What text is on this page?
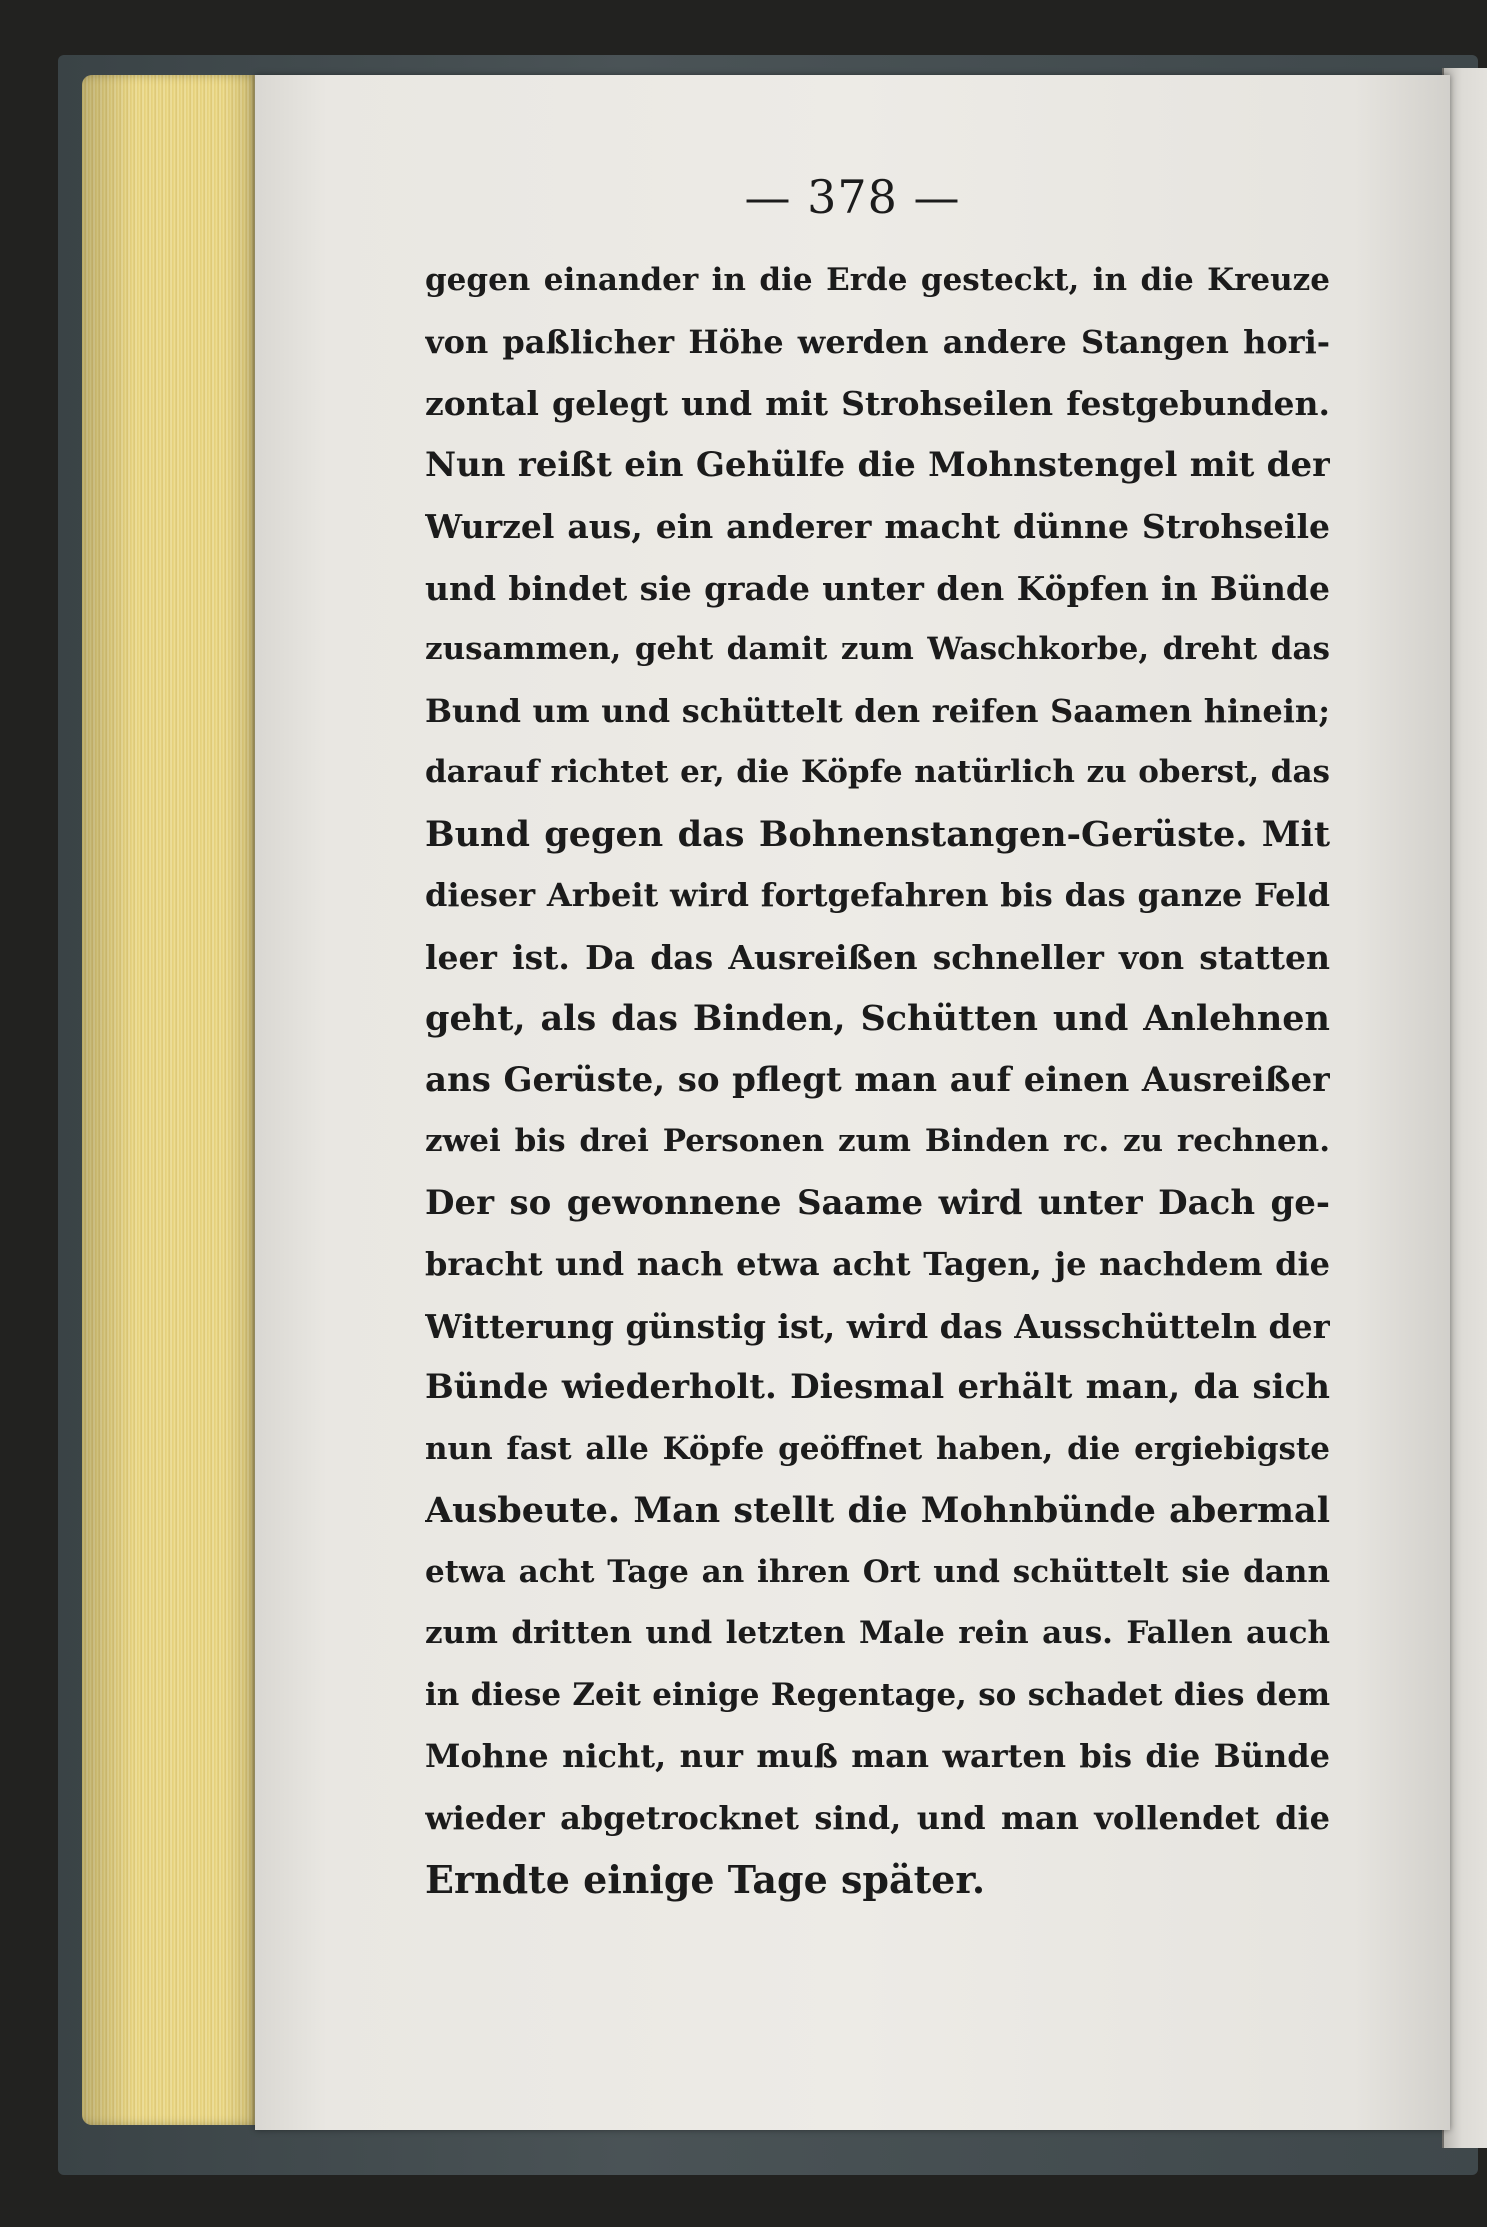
— 378 —
gegen einander in die Erde gesteckt, in die Kreuze
von paßlicher Höhe werden andere Stangen hori-
zontal gelegt und mit Strohseilen festgebunden.
Nun reißt ein Gehülfe die Mohnstengel mit der
Wurzel aus, ein anderer macht dünne Strohseile
und bindet sie grade unter den Köpfen in Bünde
zusammen, geht damit zum Waschkorbe, dreht das
Bund um und schüttelt den reifen Saamen hinein;
darauf richtet er, die Köpfe natürlich zu oberst, das
Bund gegen das Bohnenstangen-Gerüste. Mit
dieser Arbeit wird fortgefahren bis das ganze Feld
leer ist. Da das Ausreißen schneller von statten
geht, als das Binden, Schütten und Anlehnen
ans Gerüste, so pflegt man auf einen Ausreißer
zwei bis drei Personen zum Binden rc. zu rechnen.
Der so gewonnene Saame wird unter Dach ge-
bracht und nach etwa acht Tagen, je nachdem die
Witterung günstig ist, wird das Ausschütteln der
Bünde wiederholt. Diesmal erhält man, da sich
nun fast alle Köpfe geöffnet haben, die ergiebigste
Ausbeute. Man stellt die Mohnbünde abermal
etwa acht Tage an ihren Ort und schüttelt sie dann
zum dritten und letzten Male rein aus. Fallen auch
in diese Zeit einige Regentage, so schadet dies dem
Mohne nicht, nur muß man warten bis die Bünde
wieder abgetrocknet sind, und man vollendet die
Erndte einige Tage später.
